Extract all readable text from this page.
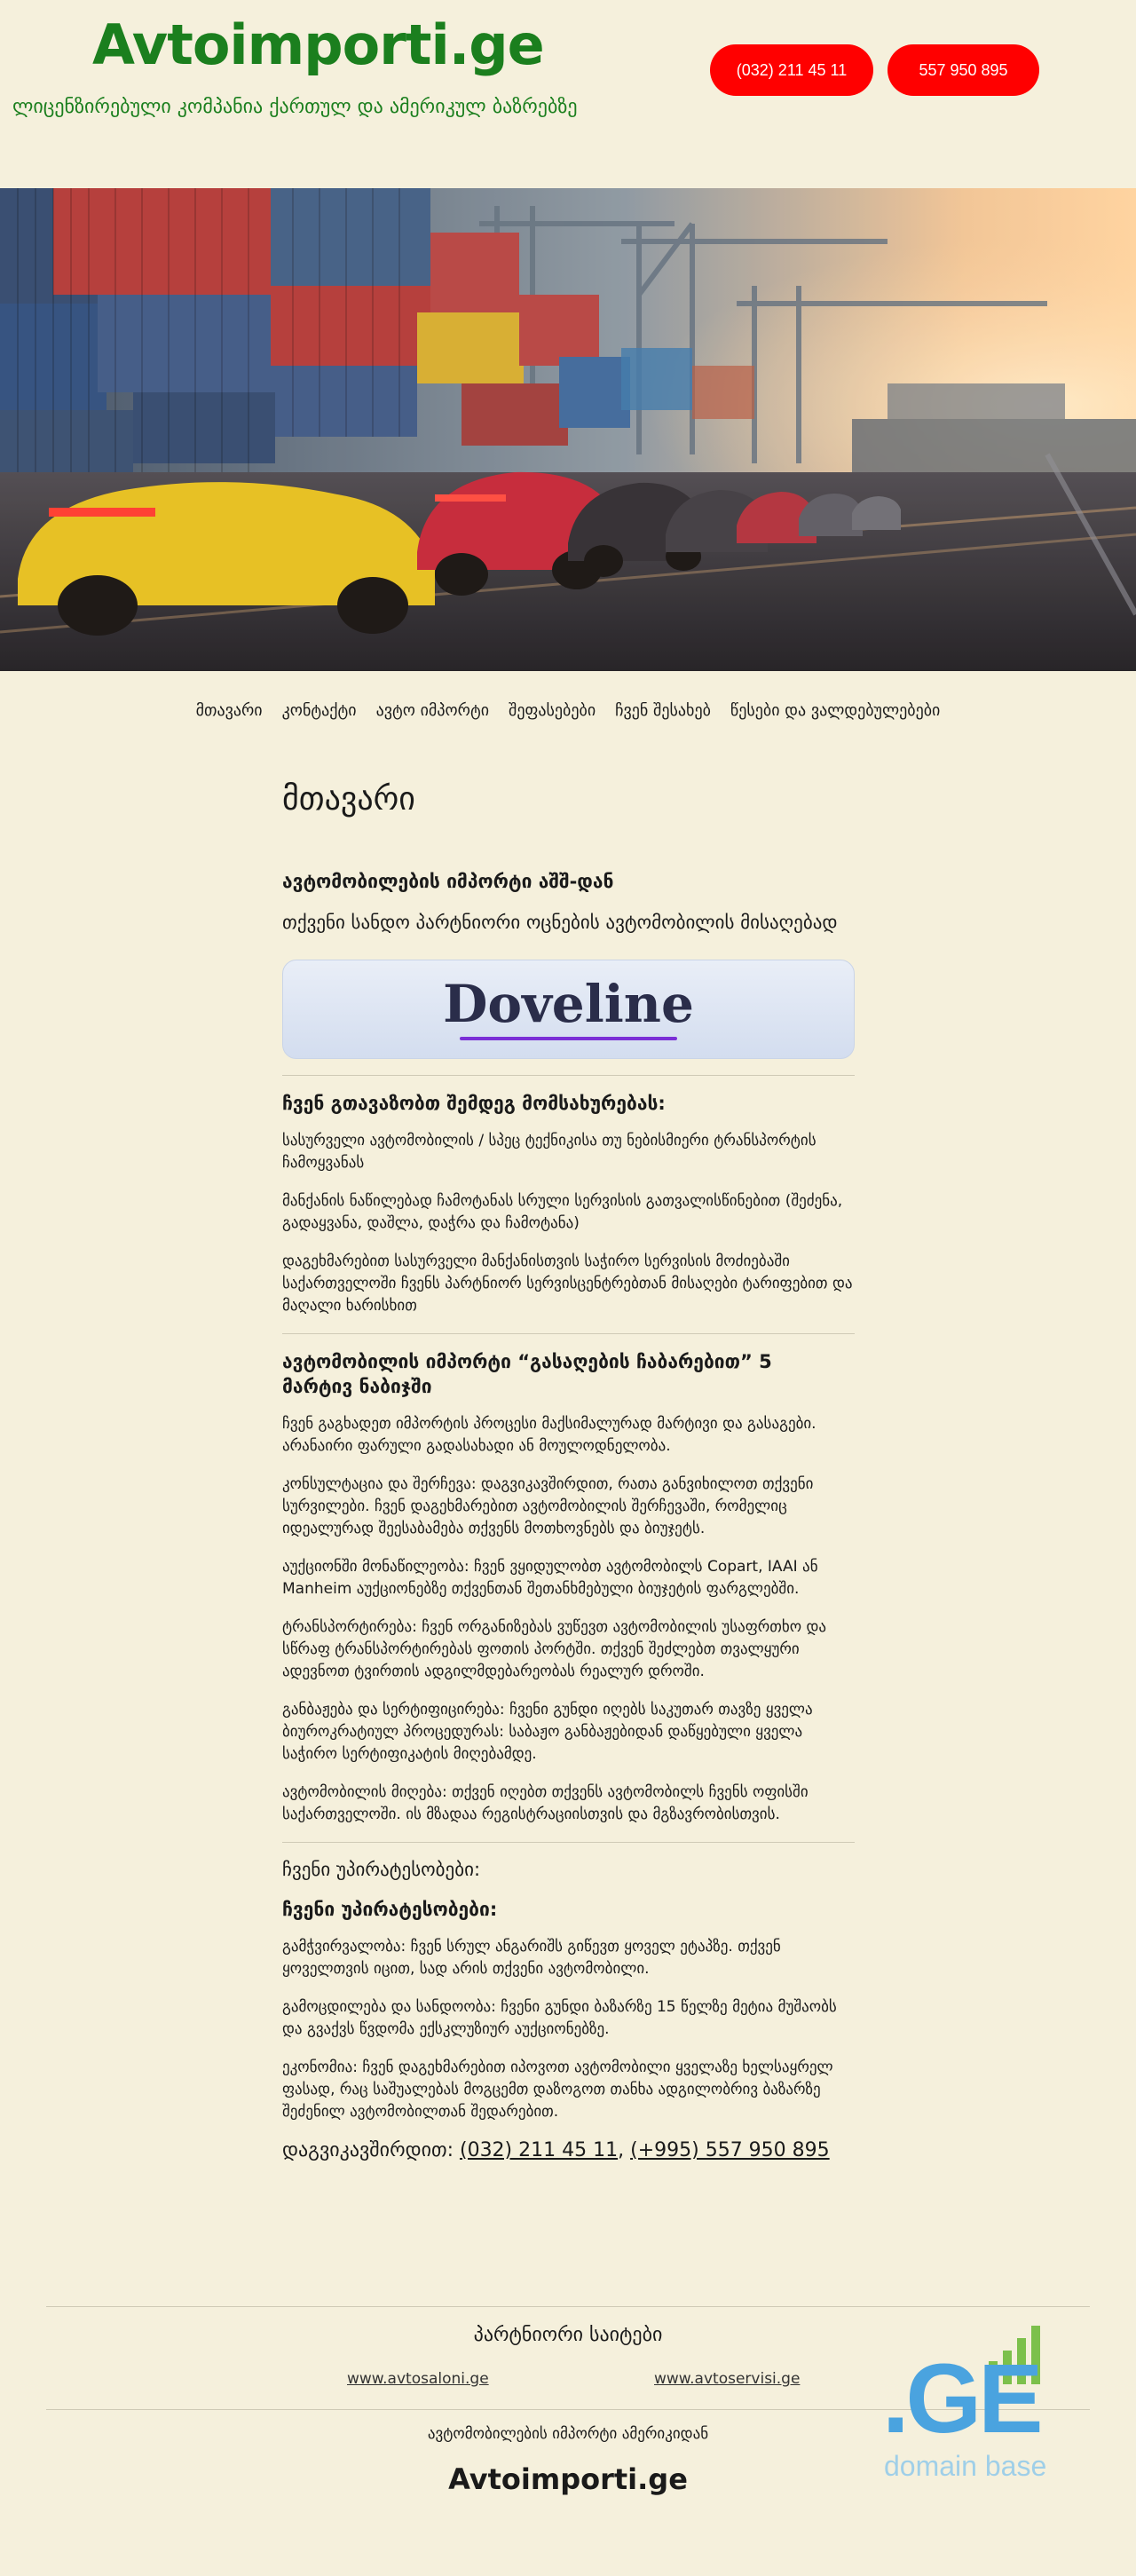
Avtoimporti.ge
ლიცენზირებული კომპანია ქართულ და ამერიკულ ბაზრებზე
(032) 211 45 11	557 950 895
მთავარი კონტაქტი ავტო იმპორტი შეფასებები ჩვენ შესახებ წესები და ვალდებულებები
მთავარი
ავტომობილების იმპორტი აშშ-დან
თქვენი სანდო პარტნიორი ოცნების ავტომობილის მისაღებად
Doveline
ჩვენ გთავაზობთ შემდეგ მომსახურებას:

სასურველი ავტომობილის / სპეც ტექნიკისა თუ ნებისმიერი ტრანსპორტის ჩამოყვანას

მანქანის ნაწილებად ჩამოტანას სრული სერვისის გათვალისწინებით (შეძენა, გადაყვანა, დაშლა, დაჭრა და ჩამოტანა)

დაგეხმარებით სასურველი მანქანისთვის საჭირო სერვისის მოძიებაში საქართველოში ჩვენს პარტნიორ სერვისცენტრებთან მისაღები ტარიფებით და მაღალი ხარისხით

ავტომობილის იმპორტი “გასაღების ჩაბარებით” 5 მარტივ ნაბიჯში

ჩვენ გაგხადეთ იმპორტის პროცესი მაქსიმალურად მარტივი და გასაგები. არანაირი ფარული გადასახადი ან მოულოდნელობა.

კონსულტაცია და შერჩევა: დაგვიკავშირდით, რათა განვიხილოთ თქვენი სურვილები. ჩვენ დაგეხმარებით ავტომობილის შერჩევაში, რომელიც იდეალურად შეესაბამება თქვენს მოთხოვნებს და ბიუჯეტს.

აუქციონში მონაწილეობა: ჩვენ ვყიდულობთ ავტომობილს Copart, IAAI ან Manheim აუქციონებზე თქვენთან შეთანხმებული ბიუჯეტის ფარგლებში.

ტრანსპორტირება: ჩვენ ორგანიზებას ვუწევთ ავტომობილის უსაფრთხო და სწრაფ ტრანსპორტირებას ფოთის პორტში. თქვენ შეძლებთ თვალყური ადევნოთ ტვირთის ადგილმდებარეობას რეალურ დროში.

განბაჟება და სერტიფიცირება: ჩვენი გუნდი იღებს საკუთარ თავზე ყველა ბიუროკრატიულ პროცედურას: საბაჟო განბაჟებიდან დაწყებული ყველა საჭირო სერტიფიკატის მიღებამდე.

ავტომობილის მიღება: თქვენ იღებთ თქვენს ავტომობილს ჩვენს ოფისში საქართველოში. ის მზადაა რეგისტრაციისთვის და მგზავრობისთვის.

ჩვენი უპირატესობები:
ჩვენი უპირატესობები:

გამჭვირვალობა: ჩვენ სრულ ანგარიშს გიწევთ ყოველ ეტაპზე. თქვენ ყოველთვის იცით, სად არის თქვენი ავტომობილი.

გამოცდილება და სანდოობა: ჩვენი გუნდი ბაზარზე 15 წელზე მეტია მუშაობს და გვაქვს წვდომა ექსკლუზიურ აუქციონებზე.

ეკონომია: ჩვენ დაგეხმარებით იპოვოთ ავტომობილი ყველაზე ხელსაყრელ ფასად, რაც საშუალებას მოგცემთ დაზოგოთ თანხა ადგილობრივ ბაზარზე შეძენილ ავტომობილთან შედარებით.

დაგვიკავშირდით: (032) 211 45 11, (+995) 557 950 895
პარტნიორი საიტები
www.avtosaloni.ge	www.avtoservisi.ge
ავტომობილების იმპორტი ამერიკიდან
Avtoimporti.ge
.GE
domain base
